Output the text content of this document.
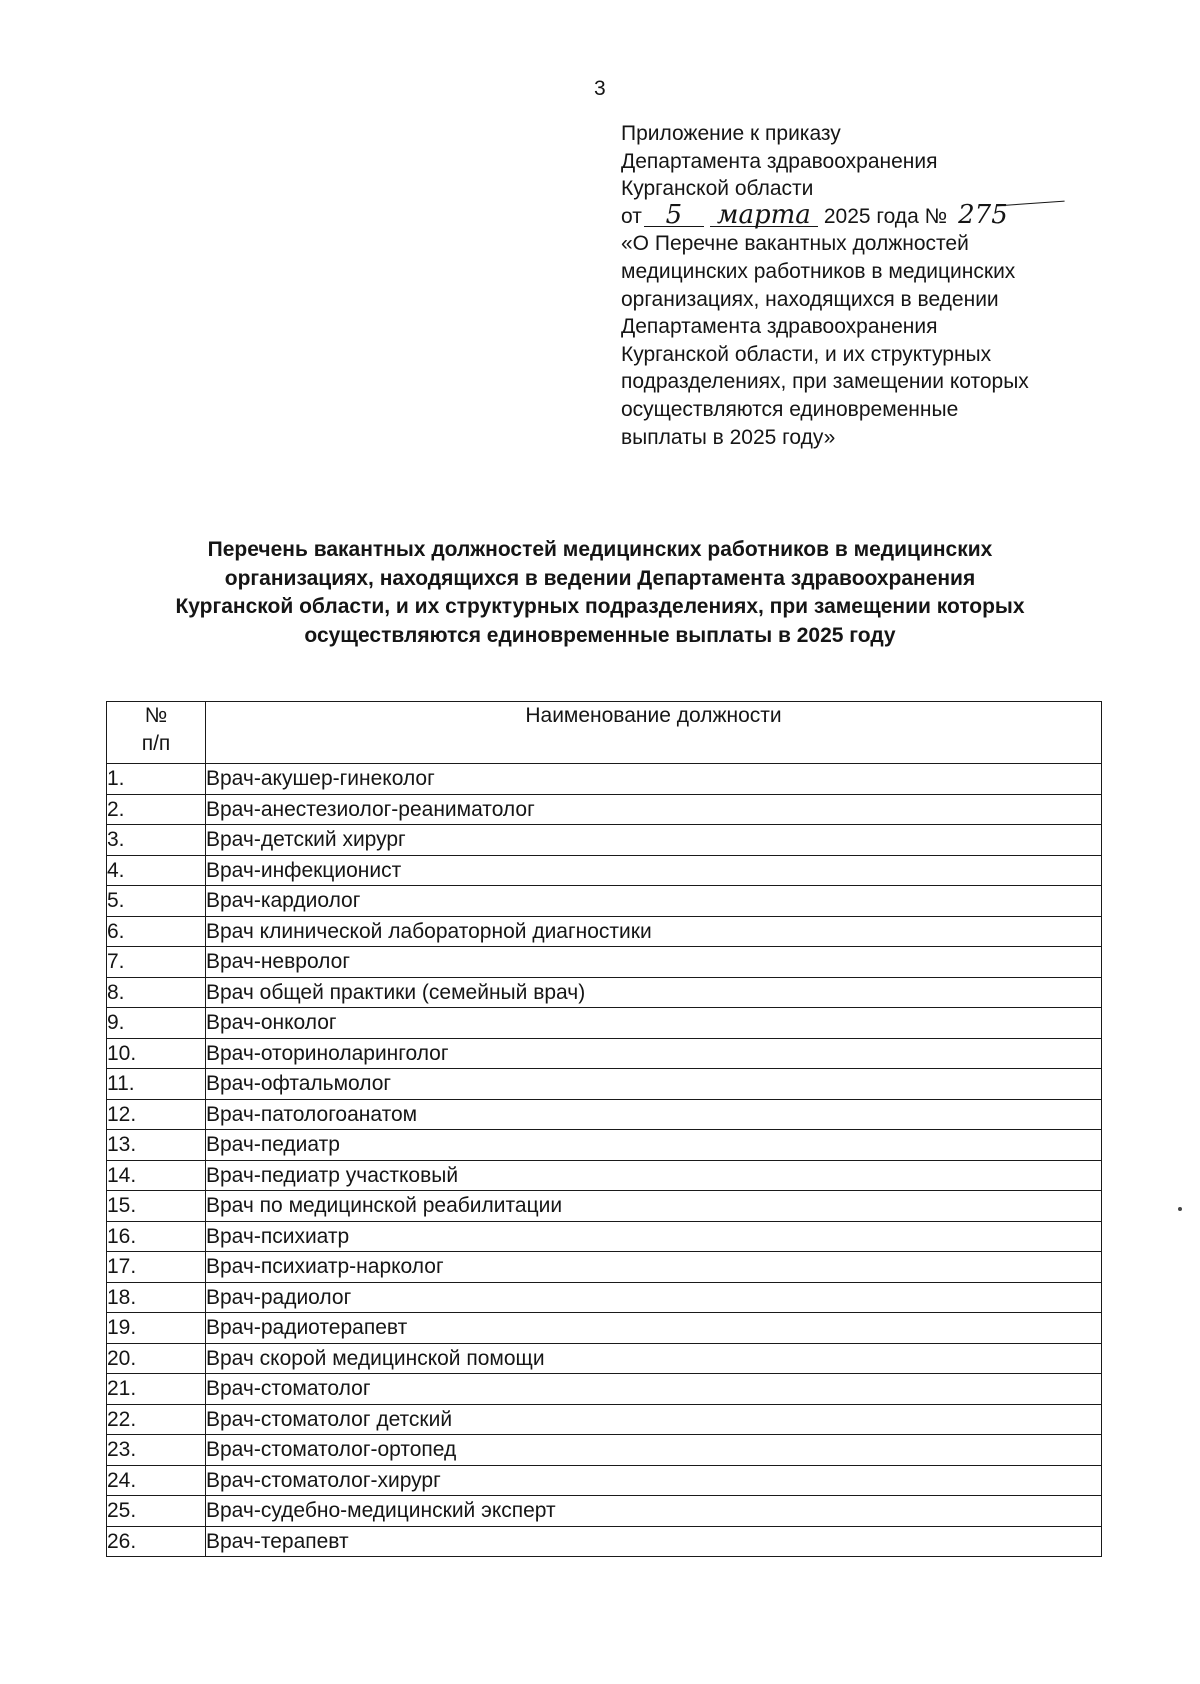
3
Приложение к приказу
Департамента здравоохранения
Курганской области
от 5 марта 2025 года № 275
«О Перечне вакантных должностей
медицинских работников в медицинских
организациях, находящихся в ведении
Департамента здравоохранения
Курганской области, и их структурных
подразделениях, при замещении которых
осуществляются единовременные
выплаты в 2025 году»
Перечень вакантных должностей медицинских работников в медицинских
организациях, находящихся в ведении Департамента здравоохранения
Курганской области, и их структурных подразделениях, при замещении которых
осуществляются единовременные выплаты в 2025 году
№
п/п	Наименование должности
1.	Врач-акушер-гинеколог
2.	Врач-анестезиолог-реаниматолог
3.	Врач-детский хирург
4.	Врач-инфекционист
5.	Врач-кардиолог
6.	Врач клинической лабораторной диагностики
7.	Врач-невролог
8.	Врач общей практики (семейный врач)
9.	Врач-онколог
10.	Врач-оториноларинголог
11.	Врач-офтальмолог
12.	Врач-патологоанатом
13.	Врач-педиатр
14.	Врач-педиатр участковый
15.	Врач по медицинской реабилитации
16.	Врач-психиатр
17.	Врач-психиатр-нарколог
18.	Врач-радиолог
19.	Врач-радиотерапевт
20.	Врач скорой медицинской помощи
21.	Врач-стоматолог
22.	Врач-стоматолог детский
23.	Врач-стоматолог-ортопед
24.	Врач-стоматолог-хирург
25.	Врач-судебно-медицинский эксперт
26.	Врач-терапевт
